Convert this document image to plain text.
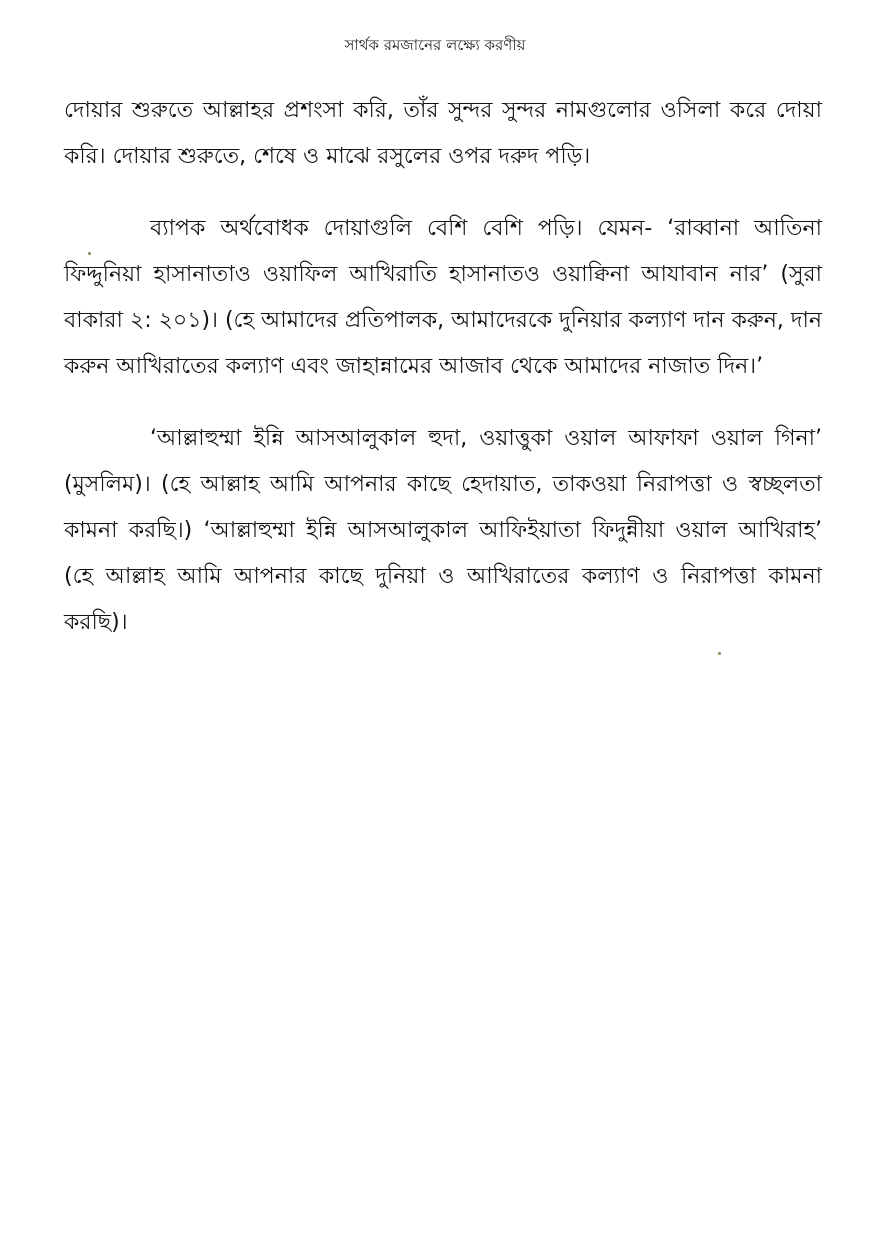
সার্থক রমজানের লক্ষ্যে করণীয়

দোয়ার শুরুতে আল্লাহর প্রশংসা করি, তাঁর সুন্দর সুন্দর নামগুলোর ওসিলা করে দোয়া করি। দোয়ার শুরুতে, শেষে ও মাঝে রসুলের ওপর দরুদ পড়ি।

ব্যাপক অর্থবোধক দোয়াগুলি বেশি বেশি পড়ি। যেমন- ‘রাব্বানা আতিনা ফিদ্দুনিয়া হাসানাতাও ওয়াফিল আখিরাতি হাসানাতও ওয়াক্বিনা আযাবান নার’ (সুরা বাকারা ২: ২০১)। (হে আমাদের প্রতিপালক, আমাদেরকে দুনিয়ার কল্যাণ দান করুন, দান করুন আখিরাতের কল্যাণ এবং জাহান্নামের আজাব থেকে আমাদের নাজাত দিন।’

‘আল্লাহুম্মা ইন্নি আসআলুকাল হুদা, ওয়াত্তুকা ওয়াল আফাফা ওয়াল গিনা’ (মুসলিম)। (হে আল্লাহ আমি আপনার কাছে হেদায়াত, তাকওয়া নিরাপত্তা ও স্বচ্ছলতা কামনা করছি।) ‘আল্লাহুম্মা ইন্নি আসআলুকাল আফিইয়াতা ফিদুন্নীয়া ওয়াল আখিরাহ’ (হে আল্লাহ আমি আপনার কাছে দুনিয়া ও আখিরাতের কল্যাণ ও নিরাপত্তা কামনা করছি)।
